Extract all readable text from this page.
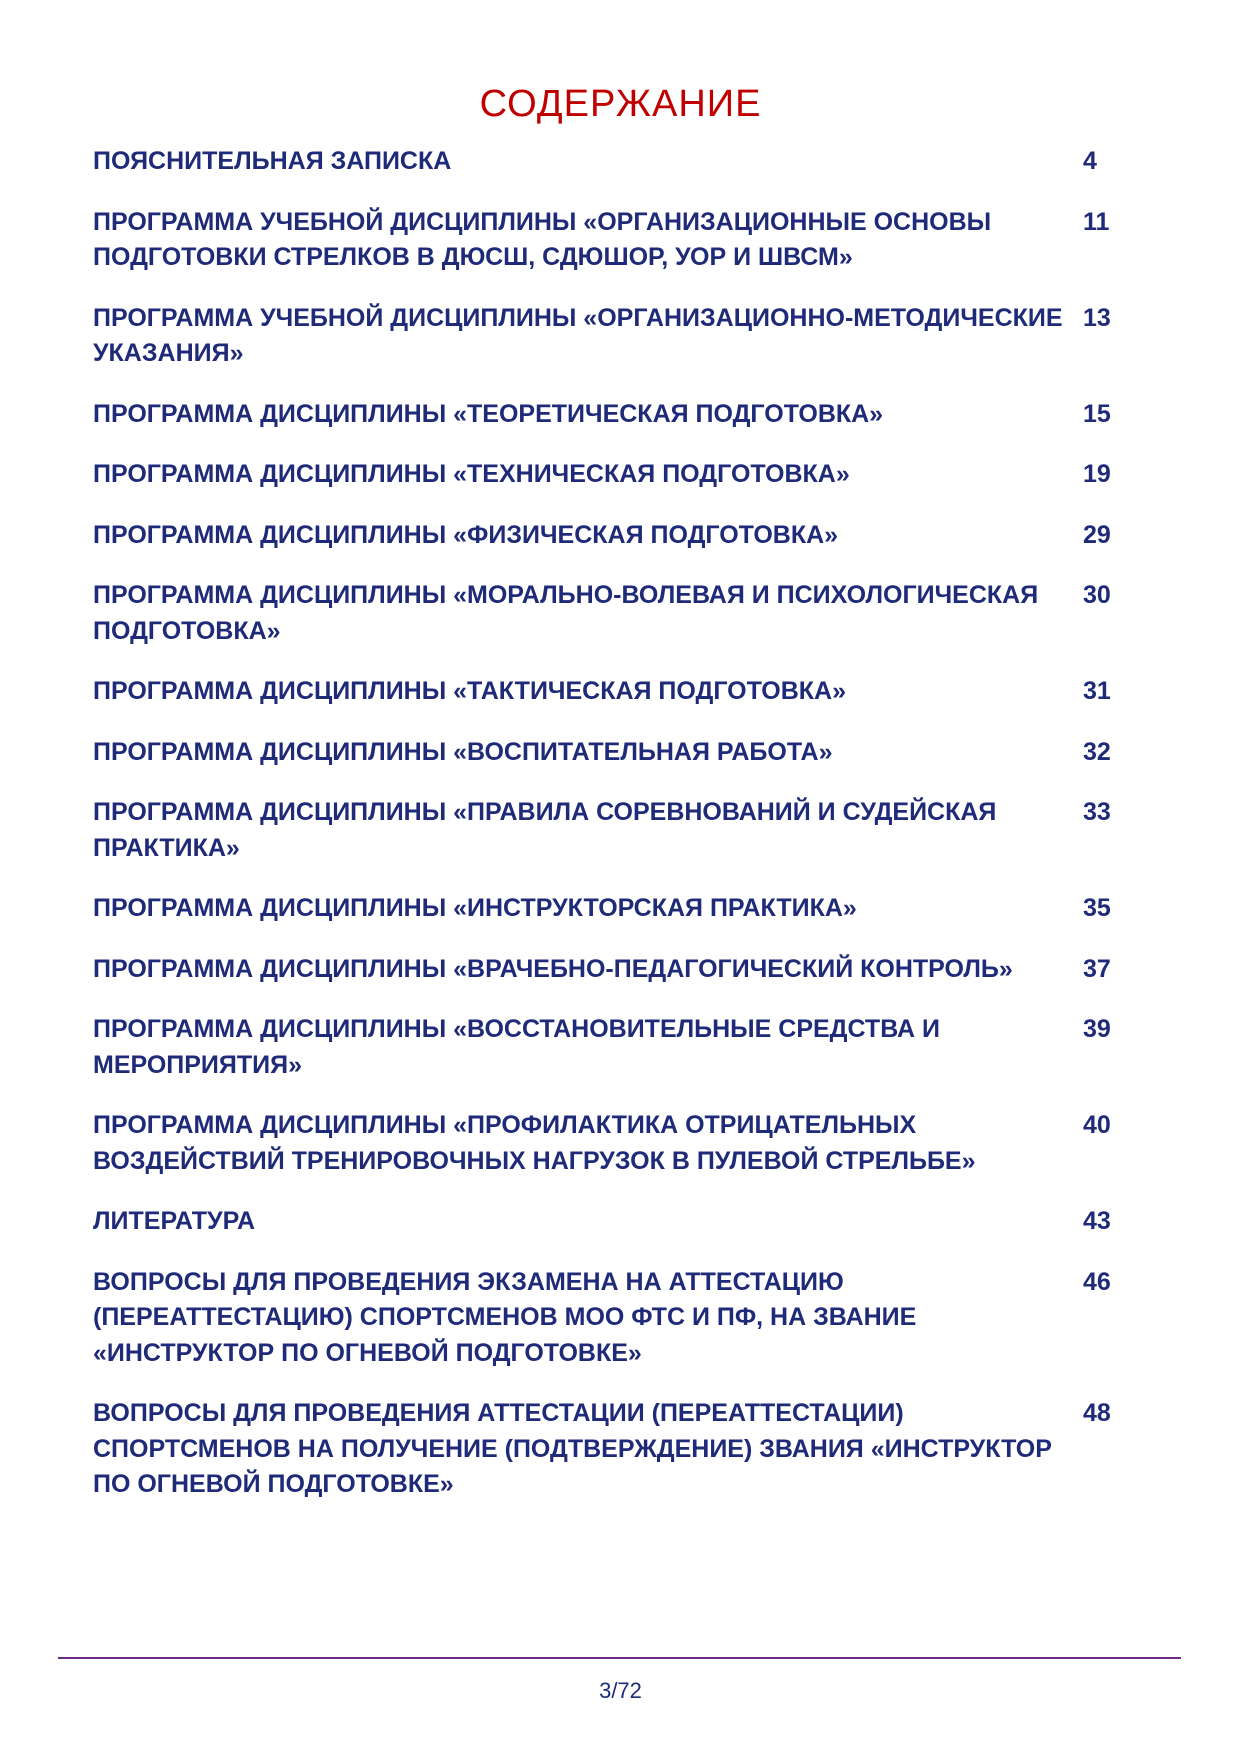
СОДЕРЖАНИЕ
ПОЯСНИТЕЛЬНАЯ ЗАПИСКА	4
ПРОГРАММА УЧЕБНОЙ ДИСЦИПЛИНЫ «ОРГАНИЗАЦИОННЫЕ ОСНОВЫ ПОДГОТОВКИ СТРЕЛКОВ В ДЮСШ, СДЮШОР, УОР И ШВСМ»
11
ПРОГРАММА УЧЕБНОЙ ДИСЦИПЛИНЫ «ОРГАНИЗАЦИОННО-МЕТОДИЧЕСКИЕ УКАЗАНИЯ»
13
ПРОГРАММА ДИСЦИПЛИНЫ «ТЕОРЕТИЧЕСКАЯ ПОДГОТОВКА»	15
ПРОГРАММА ДИСЦИПЛИНЫ «ТЕХНИЧЕСКАЯ ПОДГОТОВКА»	19
ПРОГРАММА ДИСЦИПЛИНЫ «ФИЗИЧЕСКАЯ ПОДГОТОВКА»	29
ПРОГРАММА ДИСЦИПЛИНЫ «МОРАЛЬНО-ВОЛЕВАЯ И ПСИХОЛОГИЧЕСКАЯ ПОДГОТОВКА»
30
ПРОГРАММА ДИСЦИПЛИНЫ «ТАКТИЧЕСКАЯ ПОДГОТОВКА»	31
ПРОГРАММА ДИСЦИПЛИНЫ «ВОСПИТАТЕЛЬНАЯ РАБОТА»	32
ПРОГРАММА ДИСЦИПЛИНЫ «ПРАВИЛА СОРЕВНОВАНИЙ И СУДЕЙСКАЯ ПРАКТИКА»
33
ПРОГРАММА ДИСЦИПЛИНЫ «ИНСТРУКТОРСКАЯ ПРАКТИКА»	35
ПРОГРАММА ДИСЦИПЛИНЫ «ВРАЧЕБНО-ПЕДАГОГИЧЕСКИЙ КОНТРОЛЬ»	37
ПРОГРАММА ДИСЦИПЛИНЫ «ВОССТАНОВИТЕЛЬНЫЕ СРЕДСТВА И МЕРОПРИЯТИЯ»
39
ПРОГРАММА ДИСЦИПЛИНЫ «ПРОФИЛАКТИКА ОТРИЦАТЕЛЬНЫХ ВОЗДЕЙСТВИЙ ТРЕНИРОВОЧНЫХ НАГРУЗОК В ПУЛЕВОЙ СТРЕЛЬБЕ»
40
ЛИТЕРАТУРА	43
ВОПРОСЫ ДЛЯ ПРОВЕДЕНИЯ ЭКЗАМЕНА НА АТТЕСТАЦИЮ (ПЕРЕАТТЕСТАЦИЮ) СПОРТСМЕНОВ МОО ФТС И ПФ, НА ЗВАНИЕ «ИНСТРУКТОР ПО ОГНЕВОЙ ПОДГОТОВКЕ»
46
ВОПРОСЫ ДЛЯ ПРОВЕДЕНИЯ АТТЕСТАЦИИ (ПЕРЕАТТЕСТАЦИИ) СПОРТСМЕНОВ НА ПОЛУЧЕНИЕ (ПОДТВЕРЖДЕНИЕ) ЗВАНИЯ «ИНСТРУКТОР ПО ОГНЕВОЙ ПОДГОТОВКЕ»
48
3/72
